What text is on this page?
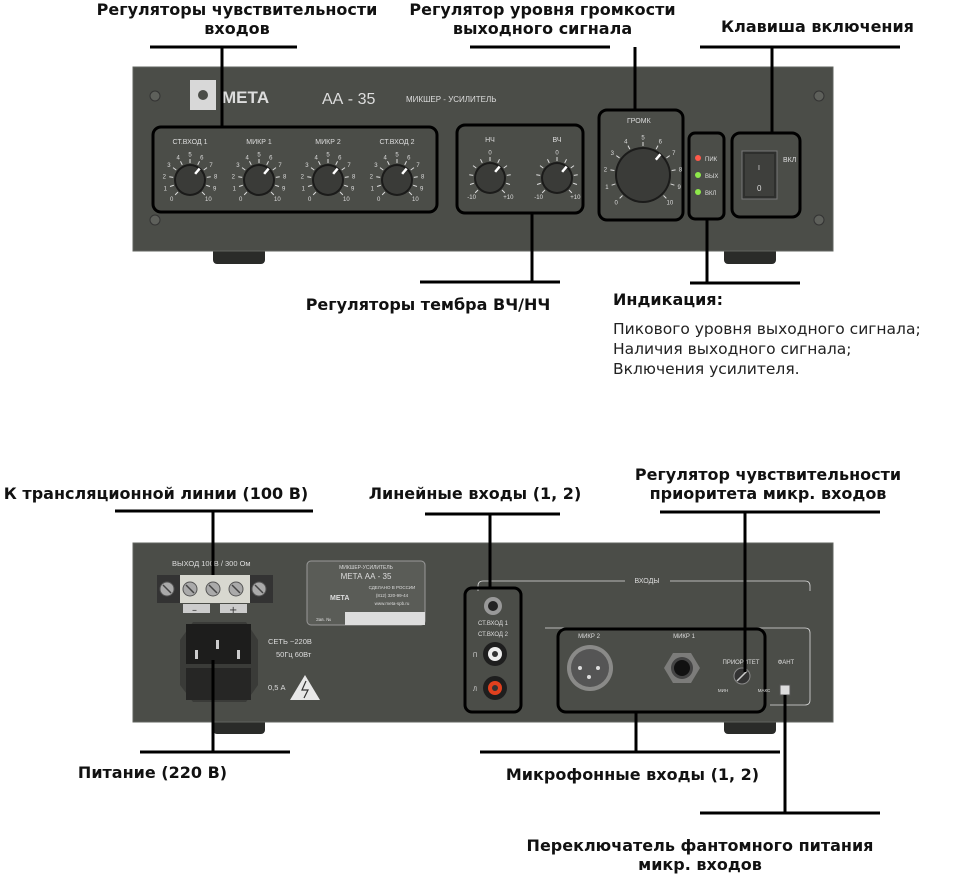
МЕТА	АА - 35	МИКШЕР - УСИЛИТЕЛЬ
0
1
2
3
4 5 6
7
8
9
10
СТ.ВХОД 1
0
1
2
3
4 5 6
7
8
9
10
МИКР 1
0
1
2
3
4 5 6
7
8
9
10
МИКР 2
0
1
2
3
4 5 6
7
8
9
10
СТ.ВХОД 2
-10
0
+10
НЧ
-10
0
+10
ВЧ
0
1
2
3
4
5
6
7
8
9
10
ГРОМК
ПИК
ВЫХ
ВКЛ
I
0
ВКЛ
ВЫХОД 100В / 300 Ом
–	+
МИКШЕР-УСИЛИТЕЛЬ
МЕТА АА - 35
МЕТА
СДЕЛАНО В РОССИИ
(812) 320-99-44
www.meta-spb.ru
Зав. №
СЕТЬ ~220В
50Гц 60Вт
0,5 А
ВХОДЫ
СТ.ВХОД 1
СТ.ВХОД 2
П
Л
МИКР 2	МИКР 1
ПРИОРИТЕТ
МИН	МАКС
ФАНТ
Регуляторы чувствительности
входов
Регулятор уровня громкости
выходного сигнала	Клавиша включения
Регуляторы тембра ВЧ/НЧ	Индикация:
Пикового уровня выходного сигнала;
Наличия выходного сигнала;
Включения усилителя.
К трансляционной линии (100 В)	Линейные входы (1, 2)
Регулятор чувствительности
приоритета микр. входов
Питание (220 В)	Микрофонные входы (1, 2)
Переключатель фантомного питания
микр. входов
